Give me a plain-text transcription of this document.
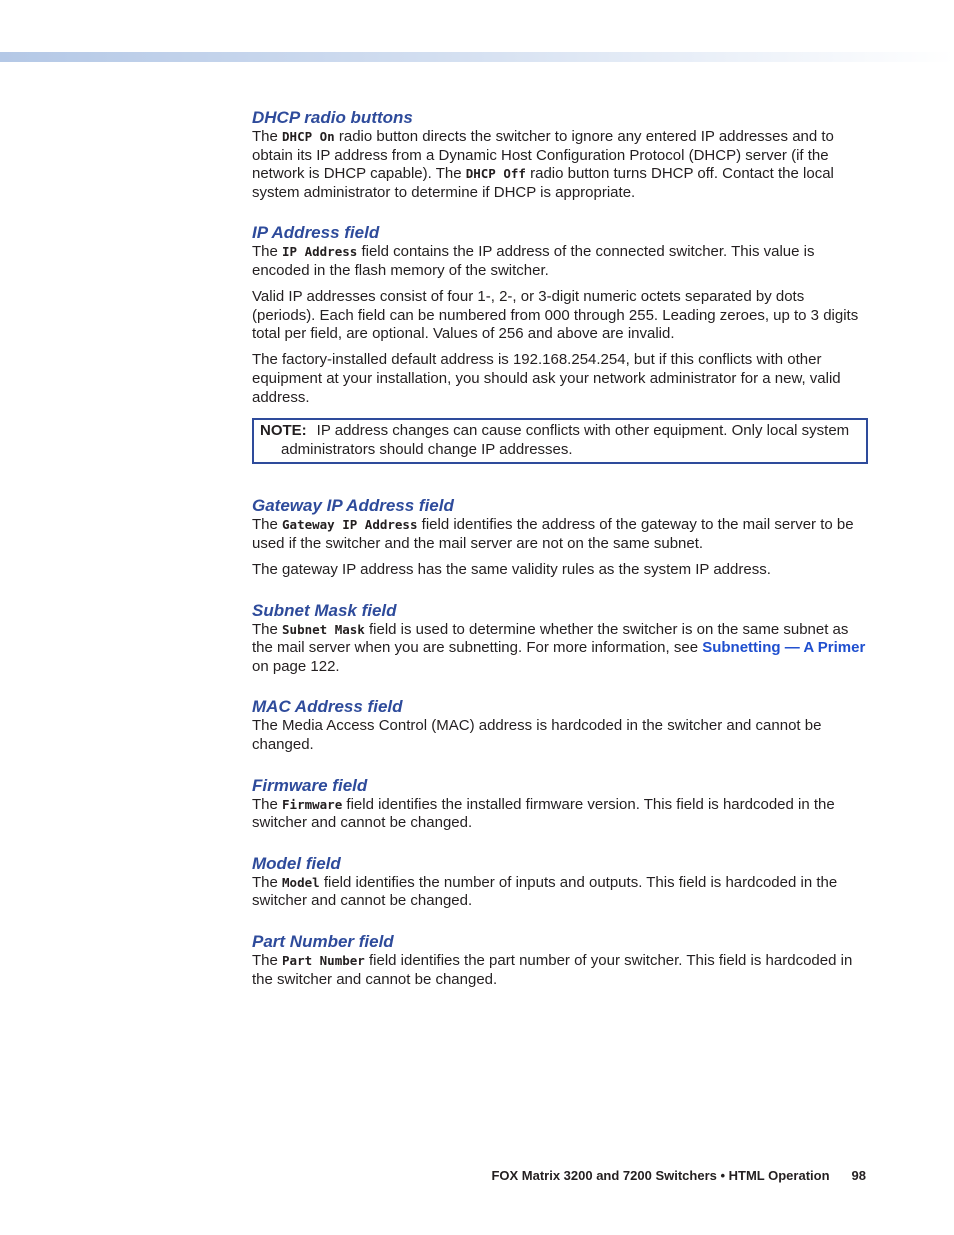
DHCP radio buttons

The DHCP On radio button directs the switcher to ignore any entered IP addresses and to obtain its IP address from a Dynamic Host Configuration Protocol (DHCP) server (if the network is DHCP capable). The DHCP Off radio button turns DHCP off. Contact the local system administrator to determine if DHCP is appropriate.

IP Address field

The IP Address field contains the IP address of the connected switcher. This value is encoded in the flash memory of the switcher.

Valid IP addresses consist of four 1-, 2-, or 3-digit numeric octets separated by dots (periods). Each field can be numbered from 000 through 255. Leading zeroes, up to 3 digits total per field, are optional. Values of 256 and above are invalid.

The factory-installed default address is 192.168.254.254, but if this conflicts with other equipment at your installation, you should ask your network administrator for a new, valid address.

NOTE: IP address changes can cause conflicts with other equipment. Only local system
administrators should change IP addresses.
Gateway IP Address field

The Gateway IP Address field identifies the address of the gateway to the mail server to be used if the switcher and the mail server are not on the same subnet.

The gateway IP address has the same validity rules as the system IP address.

Subnet Mask field

The Subnet Mask field is used to determine whether the switcher is on the same subnet as the mail server when you are subnetting. For more information, see Subnetting — A Primer on page 122.

MAC Address field

The Media Access Control (MAC) address is hardcoded in the switcher and cannot be changed.

Firmware field

The Firmware field identifies the installed firmware version. This field is hardcoded in the switcher and cannot be changed.

Model field

The Model field identifies the number of inputs and outputs. This field is hardcoded in the switcher and cannot be changed.

Part Number field

The Part Number field identifies the part number of your switcher. This field is hardcoded in the switcher and cannot be changed.

FOX Matrix 3200 and 7200 Switchers • HTML Operation 98
